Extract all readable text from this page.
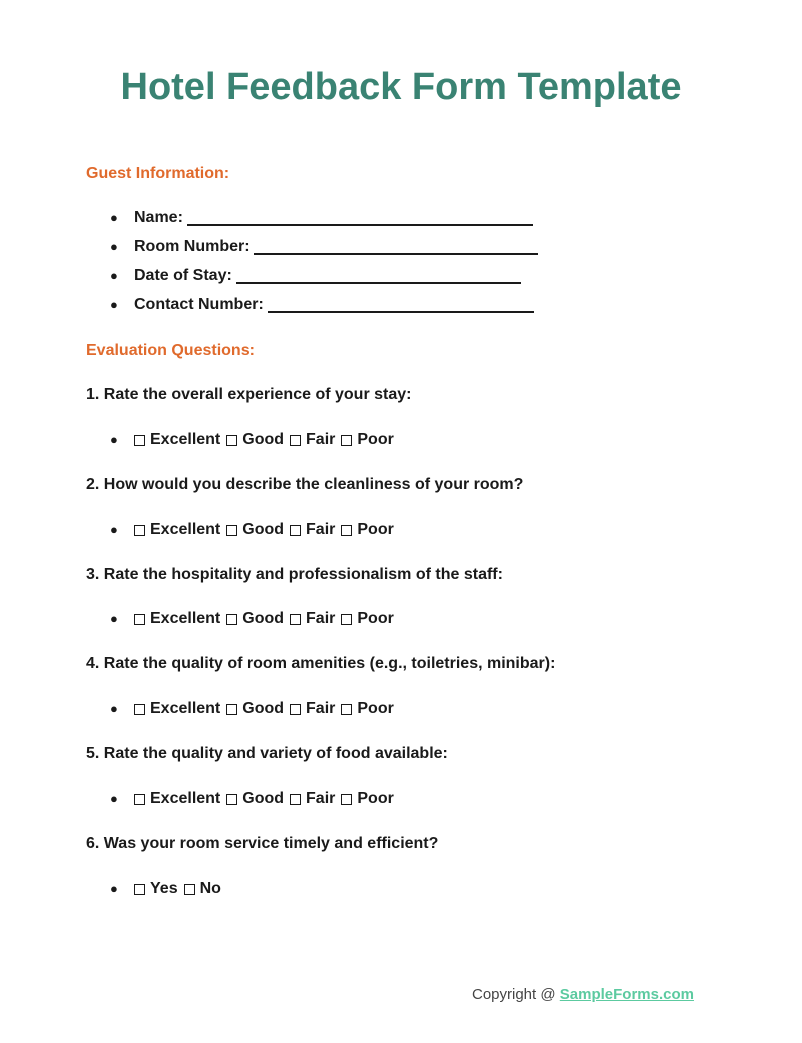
Hotel Feedback Form Template
Guest Information:
●	Name:
●	Room Number:
●	Date of Stay:
●	Contact Number:
Evaluation Questions:
1. Rate the overall experience of your stay:
●	Excellent Good Fair Poor
2. How would you describe the cleanliness of your room?
●	Excellent Good Fair Poor
3. Rate the hospitality and professionalism of the staff:
●	Excellent Good Fair Poor
4. Rate the quality of room amenities (e.g., toiletries, minibar):
●	Excellent Good Fair Poor
5. Rate the quality and variety of food available:
●	Excellent Good Fair Poor
6. Was your room service timely and efficient?
●	Yes No
Copyright @ SampleForms.com
